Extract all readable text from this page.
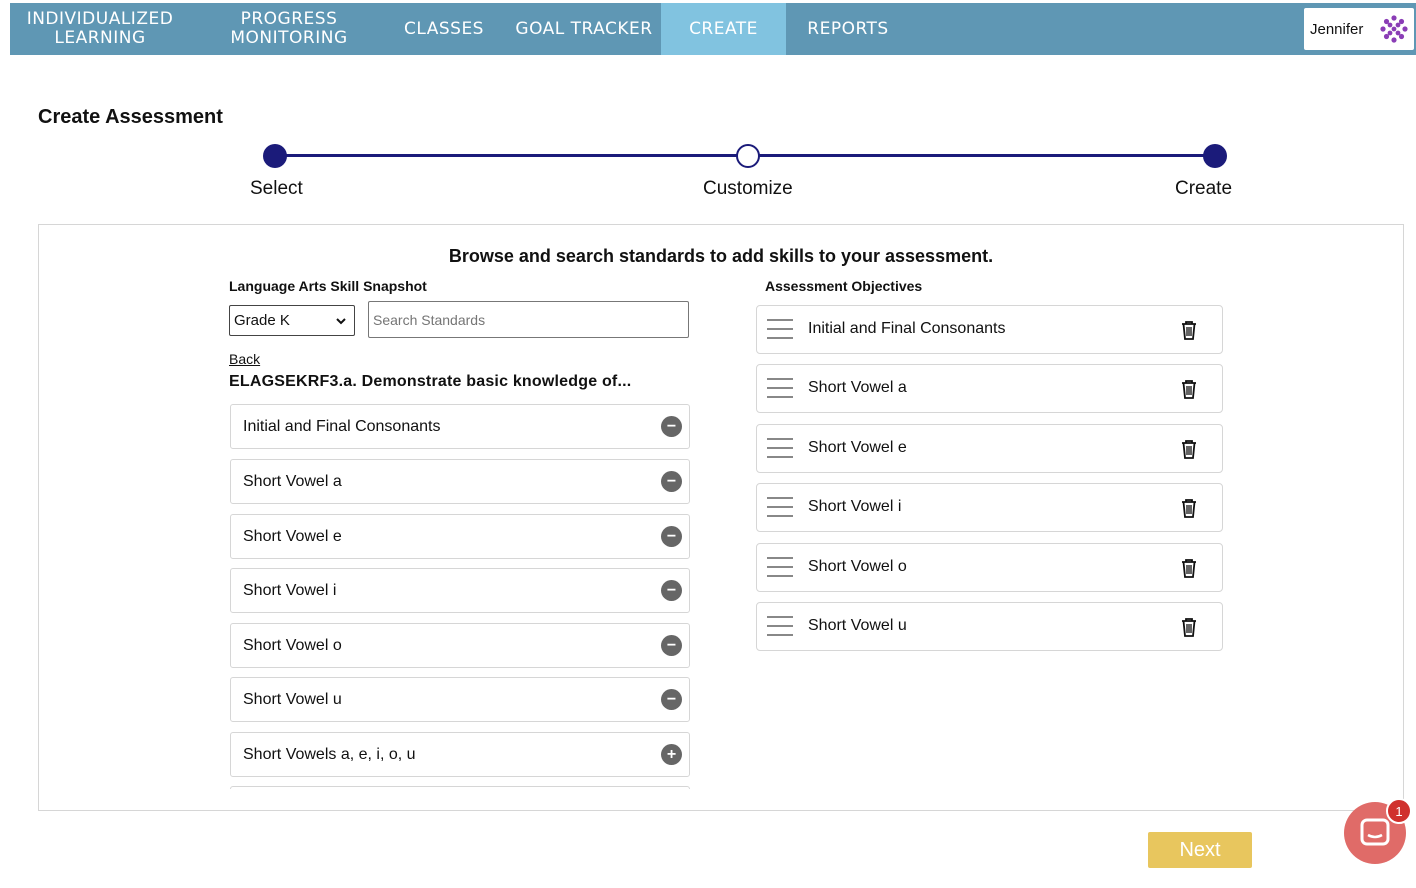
INDIVIDUALIZED
LEARNING
PROGRESS
MONITORING	CLASSES GOAL TRACKER CREATE	REPORTS	Jennifer
Create Assessment
Select	Customize	Create
Browse and search standards to add skills to your assessment.
Language Arts Skill Snapshot	Assessment Objectives
Grade K
Search Standards
Back
ELAGSEKRF3.a. Demonstrate basic knowledge of...
Initial and Final Consonants	−
Short Vowel a	−
Short Vowel e	−
Short Vowel i	−
Short Vowel o	−
Short Vowel u	−
Short Vowels a, e, i, o, u	+
Initial and Final Consonants
Short Vowel a
Short Vowel e
Short Vowel i
Short Vowel o
Short Vowel u
Next
1
